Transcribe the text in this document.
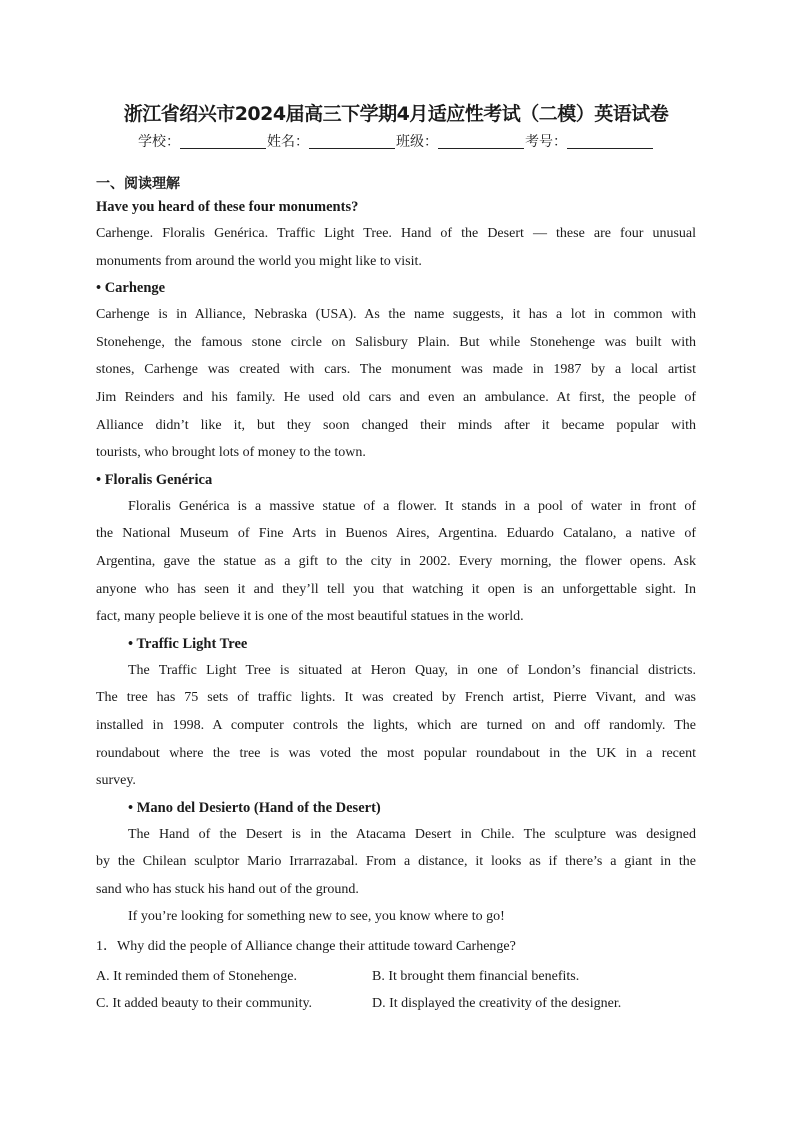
浙江省绍兴市2024届高三下学期4月适应性考试（二模）英语试卷
学校：	姓名：	班级：	考号：
一、阅读理解
Have you heard of these four monuments?
Carhenge. Floralis Genérica. Traffic Light Tree. Hand of the Desert — these are four unusual
monuments from around the world you might like to visit.
• Carhenge
Carhenge is in Alliance, Nebraska (USA). As the name suggests, it has a lot in common with
Stonehenge, the famous stone circle on Salisbury Plain. But while Stonehenge was built with
stones, Carhenge was created with cars. The monument was made in 1987 by a local artist
Jim Reinders and his family. He used old cars and even an ambulance. At first, the people of
Alliance didn’t like it, but they soon changed their minds after it became popular with
tourists, who brought lots of money to the town.
• Floralis Genérica
Floralis Genérica is a massive statue of a flower. It stands in a pool of water in front of
the National Museum of Fine Arts in Buenos Aires, Argentina. Eduardo Catalano, a native of
Argentina, gave the statue as a gift to the city in 2002. Every morning, the flower opens. Ask
anyone who has seen it and they’ll tell you that watching it open is an unforgettable sight. In
fact, many people believe it is one of the most beautiful statues in the world.
• Traffic Light Tree
The Traffic Light Tree is situated at Heron Quay, in one of London’s financial districts.
The tree has 75 sets of traffic lights. It was created by French artist, Pierre Vivant, and was
installed in 1998. A computer controls the lights, which are turned on and off randomly. The
roundabout where the tree is was voted the most popular roundabout in the UK in a recent
survey.
• Mano del Desierto (Hand of the Desert)
The Hand of the Desert is in the Atacama Desert in Chile. The sculpture was designed
by the Chilean sculptor Mario Irrarrazabal. From a distance, it looks as if there’s a giant in the
sand who has stuck his hand out of the ground.
If you’re looking for something new to see, you know where to go!
1．Why did the people of Alliance change their attitude toward Carhenge?
A. It reminded them of Stonehenge.	B. It brought them financial benefits.
C. It added beauty to their community.	D. It displayed the creativity of the designer.
